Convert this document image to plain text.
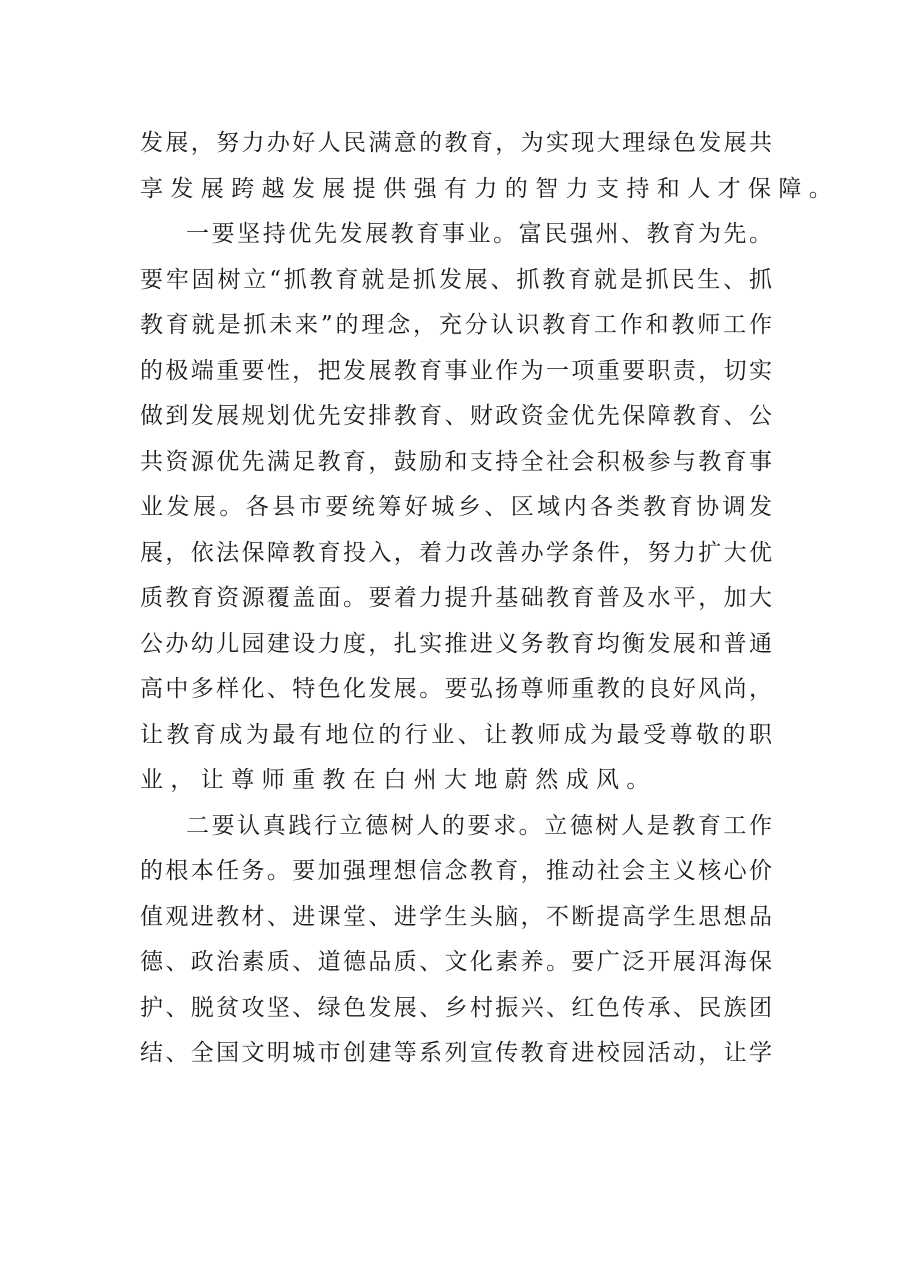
发展，努力办好人民满意的教育，为实现大理绿色发展共
享发展跨越发展提供强有力的智力支持和人才保障。
一要坚持优先发展教育事业。富民强州、教育为先。
要牢固树立“抓教育就是抓发展、抓教育就是抓民生、抓
教育就是抓未来”的理念，充分认识教育工作和教师工作
的极端重要性，把发展教育事业作为一项重要职责，切实
做到发展规划优先安排教育、财政资金优先保障教育、公
共资源优先满足教育，鼓励和支持全社会积极参与教育事
业发展。各县市要统筹好城乡、区域内各类教育协调发
展，依法保障教育投入，着力改善办学条件，努力扩大优
质教育资源覆盖面。要着力提升基础教育普及水平，加大
公办幼儿园建设力度，扎实推进义务教育均衡发展和普通
高中多样化、特色化发展。要弘扬尊师重教的良好风尚，
让教育成为最有地位的行业、让教师成为最受尊敬的职
业，让尊师重教在白州大地蔚然成风。
二要认真践行立德树人的要求。立德树人是教育工作
的根本任务。要加强理想信念教育，推动社会主义核心价
值观进教材、进课堂、进学生头脑，不断提高学生思想品
德、政治素质、道德品质、文化素养。要广泛开展洱海保
护、脱贫攻坚、绿色发展、乡村振兴、红色传承、民族团
结、全国文明城市创建等系列宣传教育进校园活动，让学
